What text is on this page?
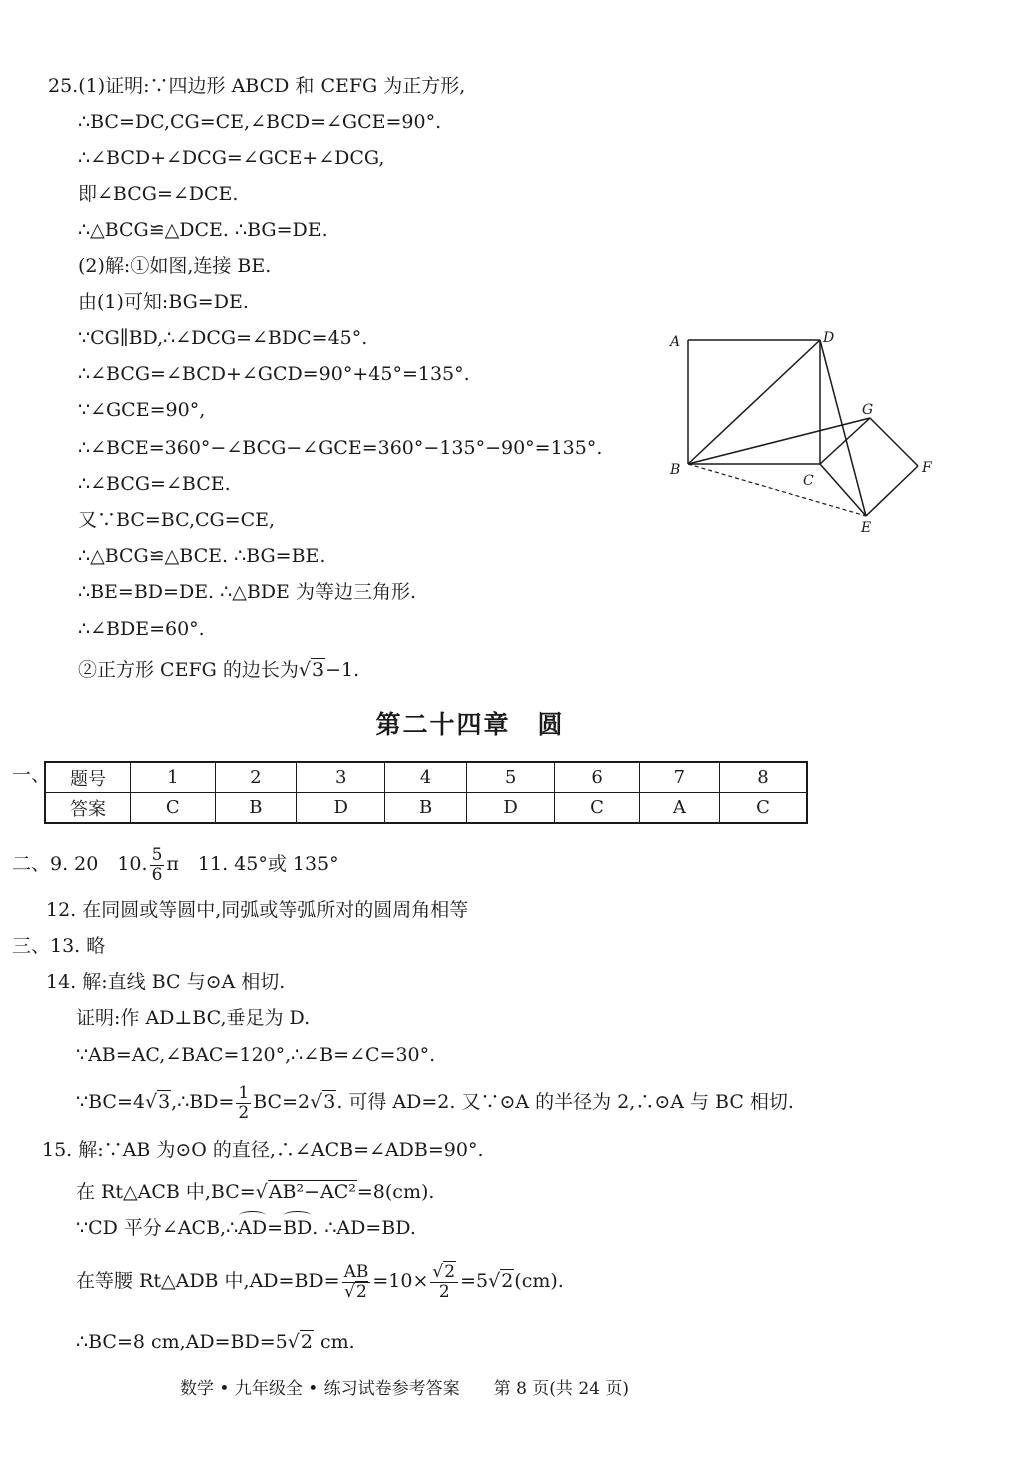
25.(1)证明:∵四边形 ABCD 和 CEFG 为正方形,
∴BC=DC,CG=CE,∠BCD=∠GCE=90°.
∴∠BCD+∠DCG=∠GCE+∠DCG,
即∠BCG=∠DCE.
∴△BCG≌△DCE. ∴BG=DE.
(2)解:①如图,连接 BE.
由(1)可知:BG=DE.
∵CG∥BD,∴∠DCG=∠BDC=45°.
∴∠BCG=∠BCD+∠GCD=90°+45°=135°.
∵∠GCE=90°,
∴∠BCE=360°−∠BCG−∠GCE=360°−135°−90°=135°.
∴∠BCG=∠BCE.
又∵BC=BC,CG=CE,
∴△BCG≌△BCE. ∴BG=BE.
∴BE=BD=DE. ∴△BDE 为等边三角形.
∴∠BDE=60°.
②正方形 CEFG 的边长为√3−1.
A	D
G
B
C
F
E
第二十四章　圆
一、 题号	1	2	3	4	5	6	7	8
答案	C	B	D	B	D	C	A	C
二、9. 20　10. $\frac{5}{6}$ π　11. 45°或 135°
12. 在同圆或等圆中,同弧或等弧所对的圆周角相等
三、13. 略
14. 解:直线 BC 与⊙A 相切.
证明:作 AD⊥BC,垂足为 D.
∵AB=AC,∠BAC=120°,∴∠B=∠C=30°.
∵BC=4√3,∴BD= $\frac{1}{2} BC=2√3$. 可得 AD=2. 又∵⊙A 的半径为 2,∴⊙A 与 BC 相切.
15. 解:∵AB 为⊙O 的直径,∴∠ACB=∠ADB=90°.
在 Rt△ACB 中,BC=√AB²−AC²=8(cm).
∵CD 平分∠ACB,∴AD=BD. ∴AD=BD.
在等腰 Rt△ADB 中$,AD=BD= \frac{AB}{√2} =10\times \frac{√2}{2} =5√2(cm)$.
∴BC=8 cm,AD=BD=5√2 cm.
数学 • 九年级全 • 练习试卷参考答案　　第 8 页(共 24 页)
